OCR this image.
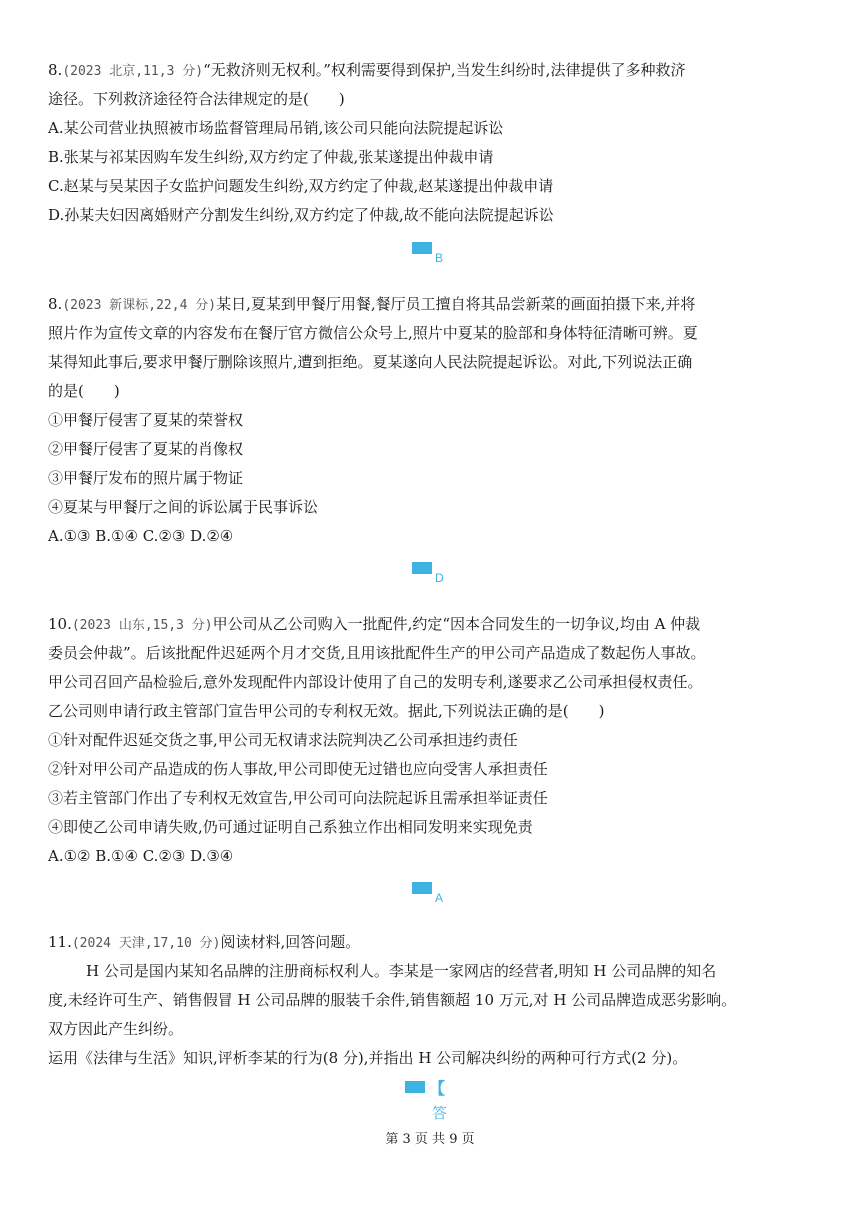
8.(2023 北京,11,3 分)“无救济则无权利。”权利需要得到保护,当发生纠纷时,法律提供了多种救济
途径。下列救济途径符合法律规定的是(　　)
A.某公司营业执照被市场监督管理局吊销,该公司只能向法院提起诉讼
B.张某与祁某因购车发生纠纷,双方约定了仲裁,张某遂提出仲裁申请
C.赵某与吴某因子女监护问题发生纠纷,双方约定了仲裁,赵某遂提出仲裁申请
D.孙某夫妇因离婚财产分割发生纠纷,双方约定了仲裁,故不能向法院提起诉讼
B
8.(2023 新课标,22,4 分)某日,夏某到甲餐厅用餐,餐厅员工擅自将其品尝新菜的画面拍摄下来,并将
照片作为宣传文章的内容发布在餐厅官方微信公众号上,照片中夏某的脸部和身体特征清晰可辨。夏
某得知此事后,要求甲餐厅删除该照片,遭到拒绝。夏某遂向人民法院提起诉讼。对此,下列说法正确
的是(　　)
①甲餐厅侵害了夏某的荣誉权
②甲餐厅侵害了夏某的肖像权
③甲餐厅发布的照片属于物证
④夏某与甲餐厅之间的诉讼属于民事诉讼
A.①③ B.①④ C.②③ D.②④
D
10.(2023 山东,15,3 分)甲公司从乙公司购入一批配件,约定“因本合同发生的一切争议,均由 A 仲裁
委员会仲裁”。后该批配件迟延两个月才交货,且用该批配件生产的甲公司产品造成了数起伤人事故。
甲公司召回产品检验后,意外发现配件内部设计使用了自己的发明专利,遂要求乙公司承担侵权责任。
乙公司则申请行政主管部门宣告甲公司的专利权无效。据此,下列说法正确的是(　　)
①针对配件迟延交货之事,甲公司无权请求法院判决乙公司承担违约责任
②针对甲公司产品造成的伤人事故,甲公司即使无过错也应向受害人承担责任
③若主管部门作出了专利权无效宣告,甲公司可向法院起诉且需承担举证责任
④即使乙公司申请失败,仍可通过证明自己系独立作出相同发明来实现免责
A.①② B.①④ C.②③ D.③④
A
11.(2024 天津,17,10 分)阅读材料,回答问题。
H 公司是国内某知名品牌的注册商标权利人。李某是一家网店的经营者,明知 H 公司品牌的知名
度,未经许可生产、销售假冒 H 公司品牌的服装千余件,销售额超 10 万元,对 H 公司品牌造成恶劣影响。
双方因此产生纠纷。
运用《法律与生活》知识,评析李某的行为(8 分),并指出 H 公司解决纠纷的两种可行方式(2 分)。
【
答
第 3 页 共 9 页
